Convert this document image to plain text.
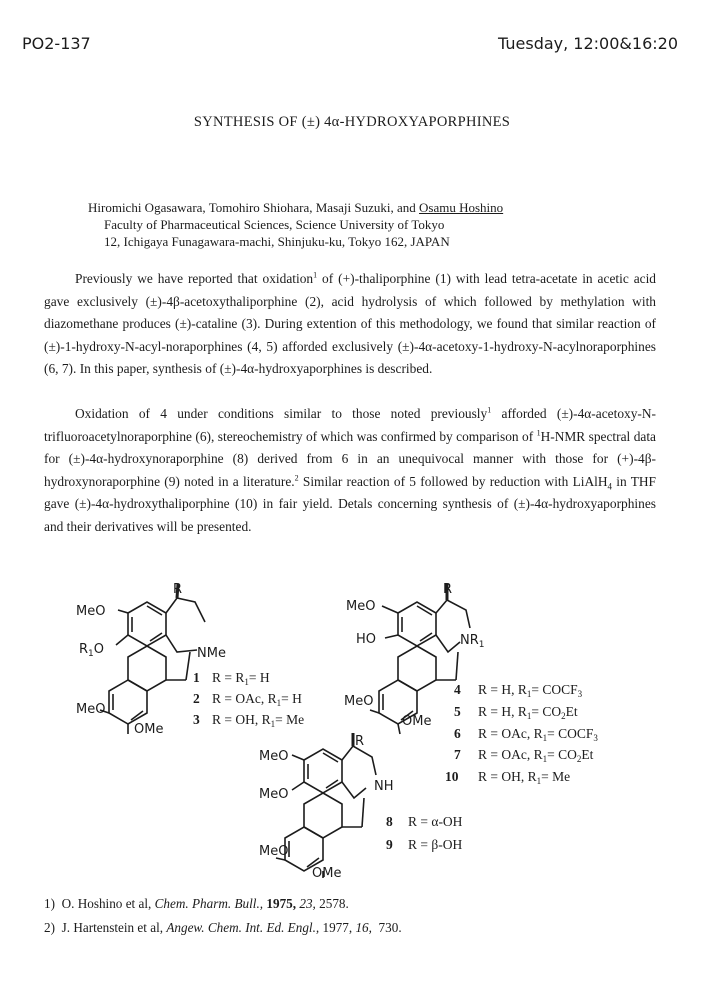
PO2-137	Tuesday, 12:00&16:20
SYNTHESIS OF (±) 4α-HYDROXYAPORPHINES
Hiromichi Ogasawara, Tomohiro Shiohara, Masaji Suzuki, and Osamu Hoshino
Faculty of Pharmaceutical Sciences, Science University of Tokyo
12, Ichigaya Funagawara-machi, Shinjuku-ku, Tokyo 162, JAPAN
Previously we have reported that oxidation$^1$ of (+)-thaliporphine (1) with lead tetra-acetate in acetic acid gave exclusively (±)-4β-acetoxythaliporphine (2), acid hydrolysis of which followed by methylation with diazomethane produces (±)-cataline (3). During extention of this methodology, we found that similar reaction of (±)-1-hydroxy-N-acyl-noraporphines (4, 5) afforded exclusively (±)-4α-acetoxy-1-hydroxy-N-acylnoraporphines (6, 7). In this paper, synthesis of (±)-4α-hydroxyaporphines is described.
Oxidation of 4 under conditions similar to those noted previously$^1$ afforded (±)-4α-acetoxy-N-trifluoroacetylnoraporphine (6), stereochemistry of which was confirmed by comparison of $^1$H-NMR spectral data for (±)-4α-hydroxynoraporphine (8) derived from 6 in an unequivocal manner with those for (+)-4β-hydroxynoraporphine (9) noted in a literature.$^2$ Similar reaction of 5 followed by reduction with LiAlH$_4$ in THF gave (±)-4α-hydroxythaliporphine (10) in fair yield. Detals concerning synthesis of (±)-4α-hydroxyaporphines and their derivatives will be presented.
R
MeO
$R_1O$	NMe
MeO
OMe
R
MeO
HO	$NR_1$
MeO
OMe
R
MeO
MeO
NH
MeO
OMe
1 $R = R_1= H$
2 R = OAc, $R_1= H$
3 R = OH, $R_1= Me$
4 R = H, $R_1=$ $COCF_3$
5 R = H, $R_1= CO_2Et$
6 R = OAc, $R_1=$ $COCF_3$
7 R = OAc, $R_1= CO_2Et$
10 R = OH, $R_1= Me$
8 R = α-OH
9 R = β-OH
1) O. Hoshino et al, Chem. Pharm. Bull., 1975, 23, 2578.
2) J. Hartenstein et al, Angew. Chem. Int. Ed. Engl., 1977, 16, 730.
